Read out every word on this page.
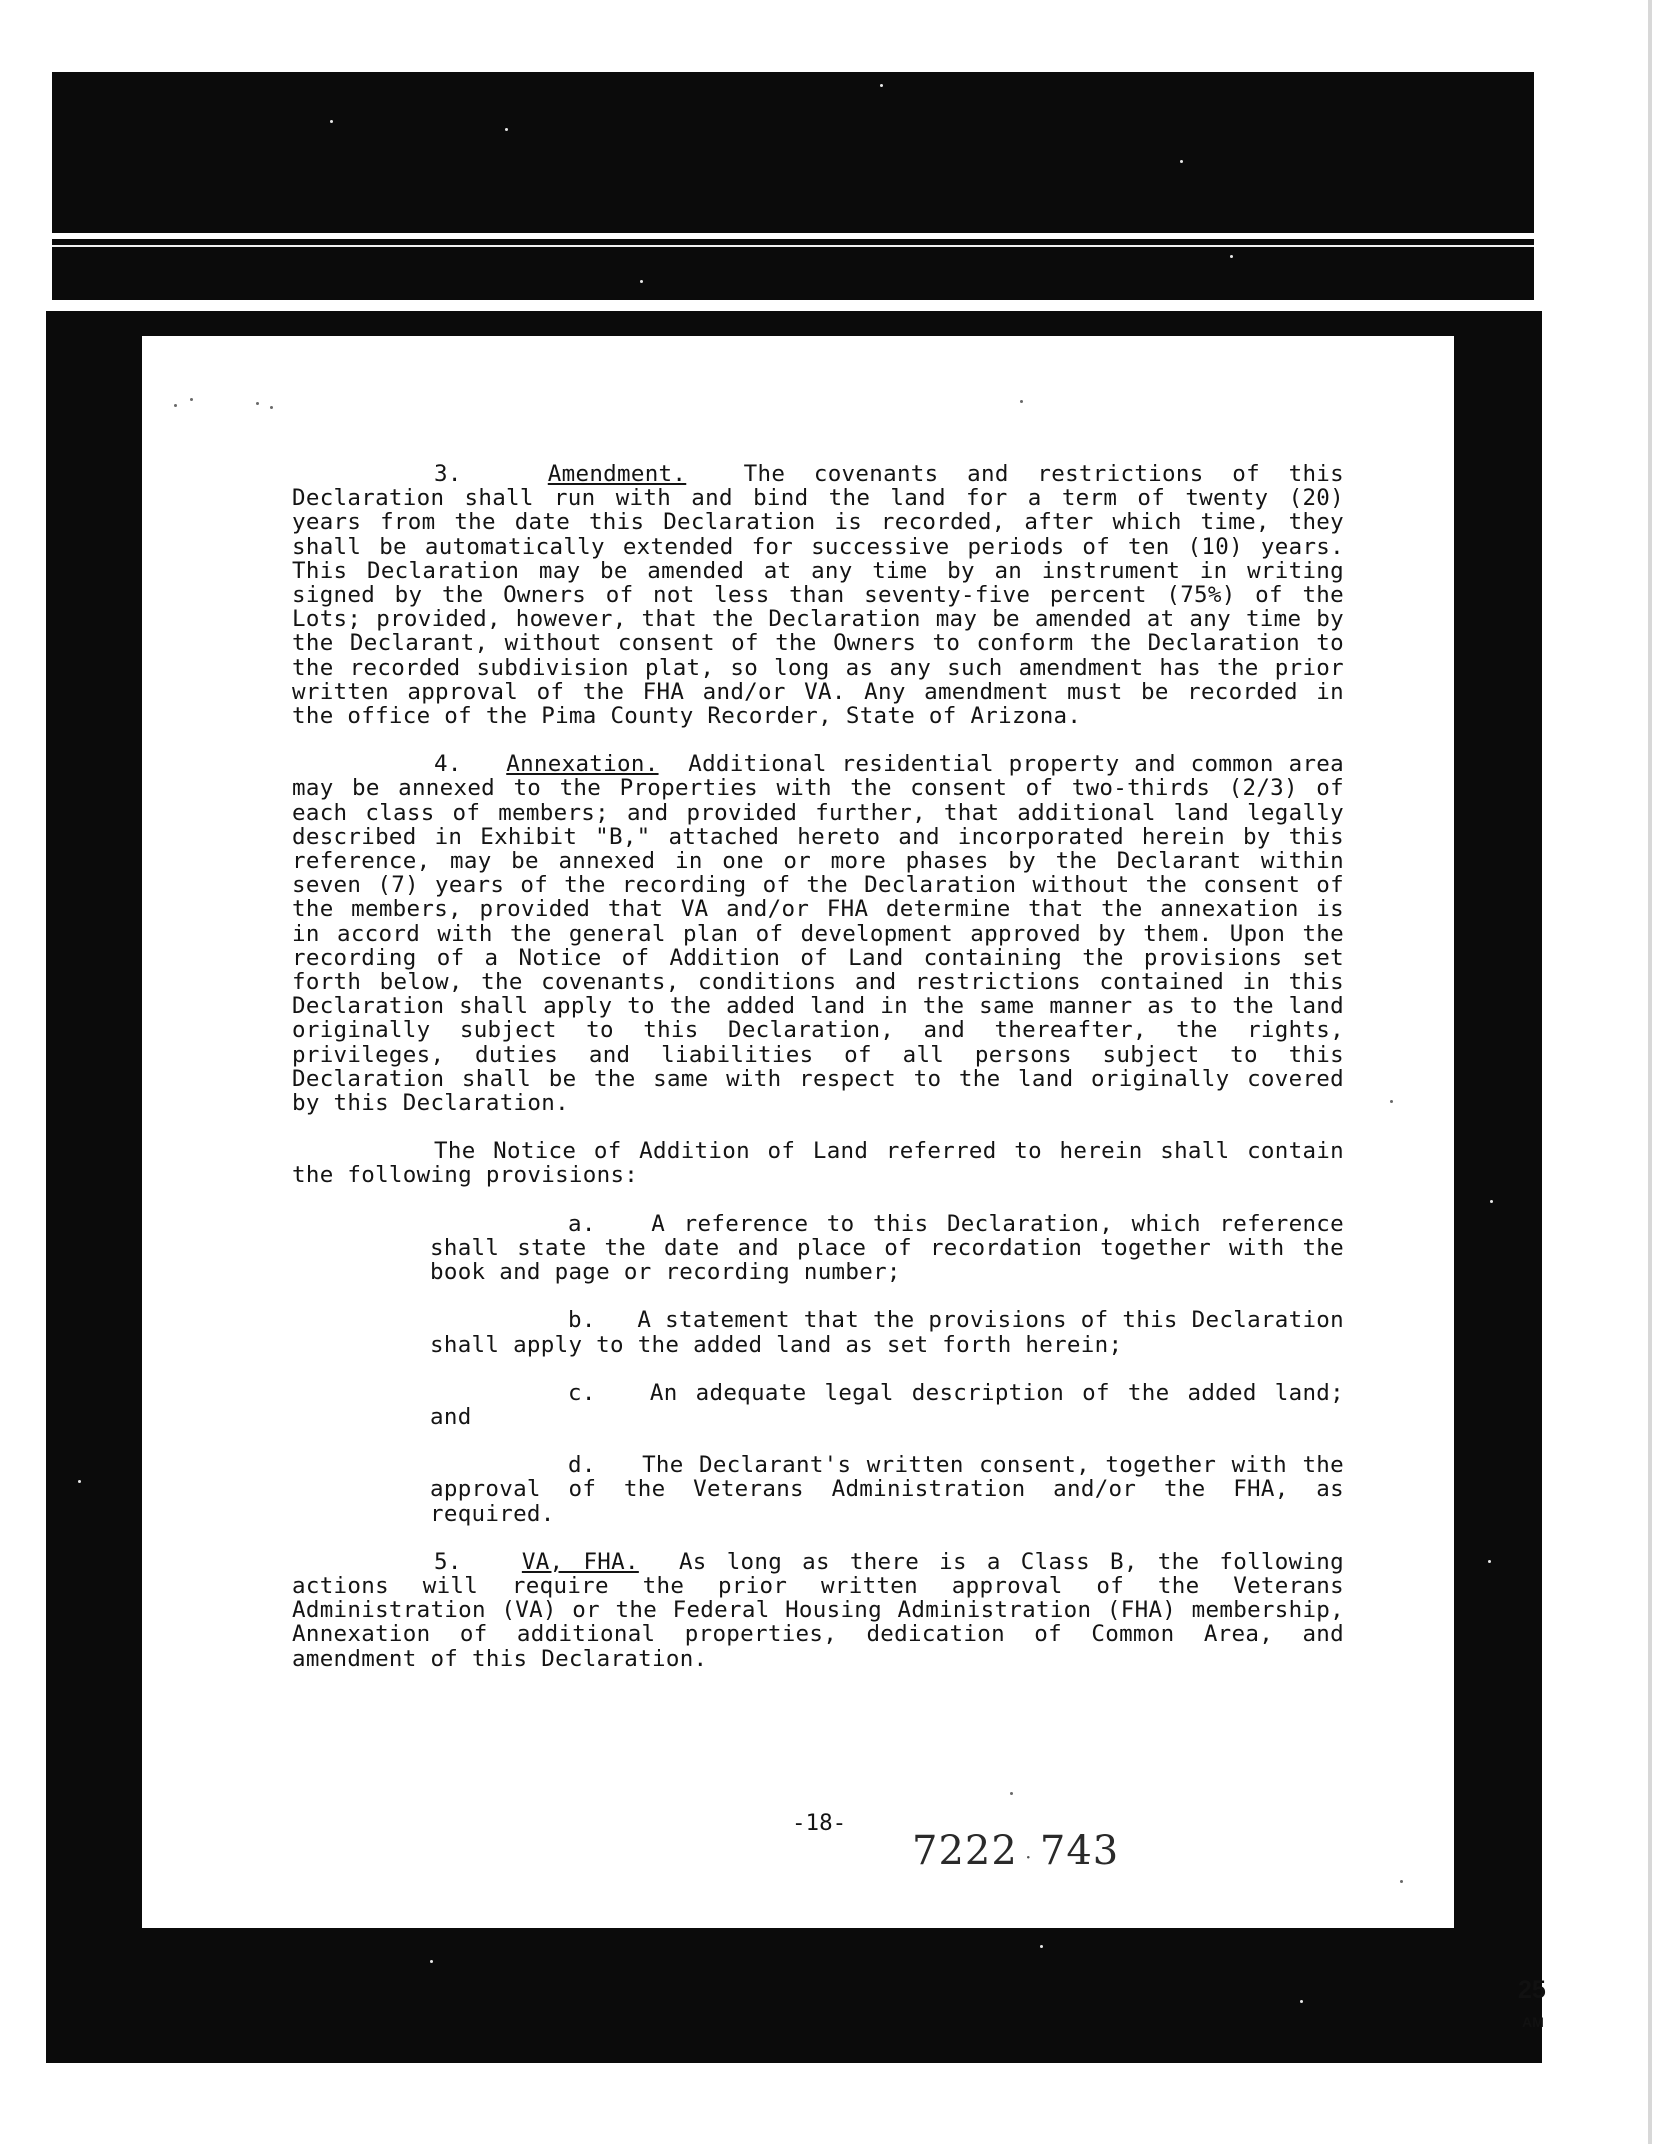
3.	Amendment.	The covenants and restrictions of this Declaration shall run with and bind the land for a term of twenty (20) years from the date this Declaration is recorded, after which time, they shall be automatically extended for successive periods of ten (10) years. This Declaration may be amended at any time by an instrument in writing signed by the Owners of not less than seventy-five percent (75%) of the Lots; provided, however, that the Declaration may be amended at any time by the Declarant, without consent of the Owners to conform the Declaration to the recorded subdivision plat, so long as any such amendment has the prior written approval of the FHA and/or VA. Any amendment must be recorded in the office of the Pima County Recorder, State of Arizona.

4. Annexation. Additional residential property and common area may be annexed to the Properties with the consent of two-thirds (2/3) of each class of members; and provided further, that additional land legally described in Exhibit "B," attached hereto and incorporated herein by this reference, may be annexed in one or more phases by the Declarant within seven (7) years of the recording of the Declaration without the consent of the members, provided that VA and/or FHA determine that the annexation is in accord with the general plan of development approved by them. Upon the recording of a Notice of Addition of Land containing the provisions set forth below, the covenants, conditions and restrictions contained in this Declaration shall apply to the added land in the same manner as to the land originally subject to this Declaration, and thereafter, the rights, privileges, duties and liabilities of all persons subject to this Declaration shall be the same with respect to the land originally covered by this Declaration.

The Notice of Addition of Land referred to herein shall contain the following provisions:

a. A reference to this Declaration, which reference shall state the date and place of recordation together with the book and page or recording number;

b. A statement that the provisions of this Declaration shall apply to the added land as set forth herein;

c. An adequate legal description of the added land; and

d. The Declarant's written consent, together with the approval of the Veterans Administration and/or the FHA, as required.

5.	VA, FHA. As long as there is a Class B, the following actions will require the prior written approval of the Veterans Administration (VA) or the Federal Housing Administration (FHA) membership, Annexation of additional properties, dedication of Common Area, and amendment of this Declaration.

-18-
7222 · 743
25
AM
